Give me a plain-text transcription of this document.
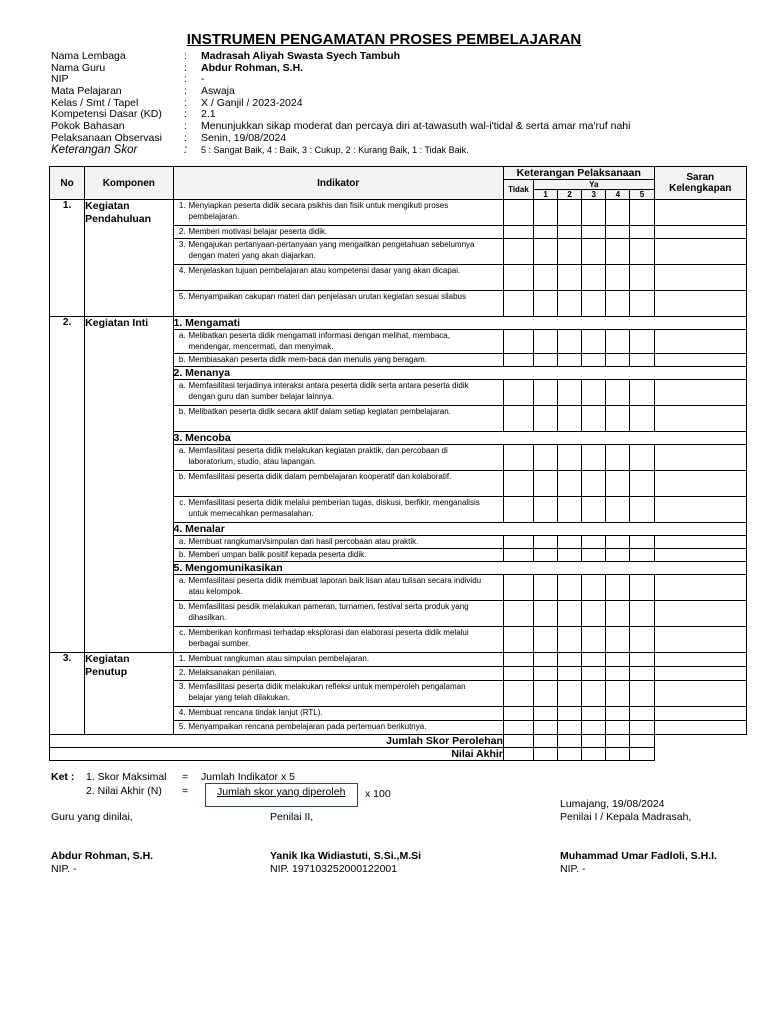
INSTRUMEN PENGAMATAN PROSES PEMBELAJARAN
Nama Lembaga	: Madrasah Aliyah Swasta Syech Tambuh
Nama Guru	: Abdur Rohman, S.H.
NIP	: -
Mata Pelajaran	: Aswaja
Kelas / Smt / Tapel	: X / Ganjil / 2023-2024
Kompetensi Dasar (KD) : 2.1
Pokok Bahasan	: Menunjukkan sikap moderat dan percaya diri at-tawasuth wal-i'tidal & serta amar ma'ruf nahi
Pelaksanaan Observasi : Senin, 19/08/2024
Keterangan Skor	: 5 : Sangat Baik, 4 : Baik, 3 : Cukup, 2 : Kurang Baik, 1 : Tidak Baik.
No	Komponen	Indikator	Keterangan Pelaksanaan						Saran Kelengkapan
			Tidak	Ya					
				1	2	3	4	5	
1.	Kegiatan Pendahuluan	1. Menyiapkan peserta didik secara psikhis dan fisik untuk mengikuti proses pembelajaran.							
		2. Memberi motivasi belajar peserta didik.							
		3. Mengajukan pertanyaan-pertanyaan yang mengaitkan pengetahuan sebelumnya dengan materi yang akan diajarkan.							
		4. Menjelaskan tujuan pembelajaran atau kompetensi dasar yang akan dicapai.							
		5. Menyampaikan cakupan materi dan penjelasan urutan kegiatan sesuai silabus							
2.	Kegiatan Inti	1. Mengamati							
		a. Melibatkan peserta didik mengamati informasi dengan melihat, membaca, mendengar, mencermati, dan menyimak.							
		b. Membiasakan peserta didik mem-baca dan menulis yang beragam.							
		2. Menanya							
		a. Memfasilitasi terjadinya interaksi antara peserta didik serta antara peserta didik dengan guru dan sumber belajar lainnya.							
		b. Melibatkan peserta didik secara aktif dalam setiap kegiatan pembelajaran.							
		3. Mencoba							
		a. Memfasilitasi peserta didik melakukan kegiatan praktik, dan percobaan di laboratorium, studio, atau lapangan.							
		b. Memfasilitasi peserta didik dalam pembelajaran kooperatif dan kolaboratif.							
		c. Memfasilitasi peserta didik melalui pemberian tugas, diskusi, berfikir, menganalisis untuk memecahkan permasalahan.							
		4. Menalar							
		a. Membuat rangkuman/simpulan dari hasil percobaan atau praktik.							
		b. Memberi umpan balik positif kepada peserta didik.							
		5. Mengomunikasikan							
		a. Memfasilitasi peserta didik membuat laporan baik lisan atau tulisan secara individu atau kelompok.							
		b. Memfasilitasi pesdik melakukan pameran, turnamen, festival serta produk yang dihasilkan.							
		c. Memberikan konfirmasi terhadap eksplorasi dan elaborasi peserta didik melalui berbagai sumber.							
3.	Kegiatan Penutup	1. Membuat rangkuman atau simpulan pembelajaran.							
		2. Melaksanakan penilaian.							
		3. Memfasilitasi peserta didik melakukan refleksi untuk memperoleh pengalaman belajar yang telah dilakukan.							
		4. Membuat rencana tindak lanjut (RTL).							
		5. Menyampaikan rencana pembelajaran pada pertemuan berikutnya.							
Jumlah Skor Perolehan									
Nilai Akhir									
Ket : 1. Skor Maksimal = Jumlah Indikator x 5
2. Nilai Akhir (N) =	Jumlah skor yang diperoleh x 100
Lumajang, 19/08/2024
Guru yang dinilai,	Penilai II,	Penilai I / Kepala Madrasah,
Abdur Rohman, S.H.	Yanik Ika Widiastuti, S.Si.,M.Si	Muhammad Umar Fadloli, S.H.I.
NIP. -	NIP. 197103252000122001	NIP. -
